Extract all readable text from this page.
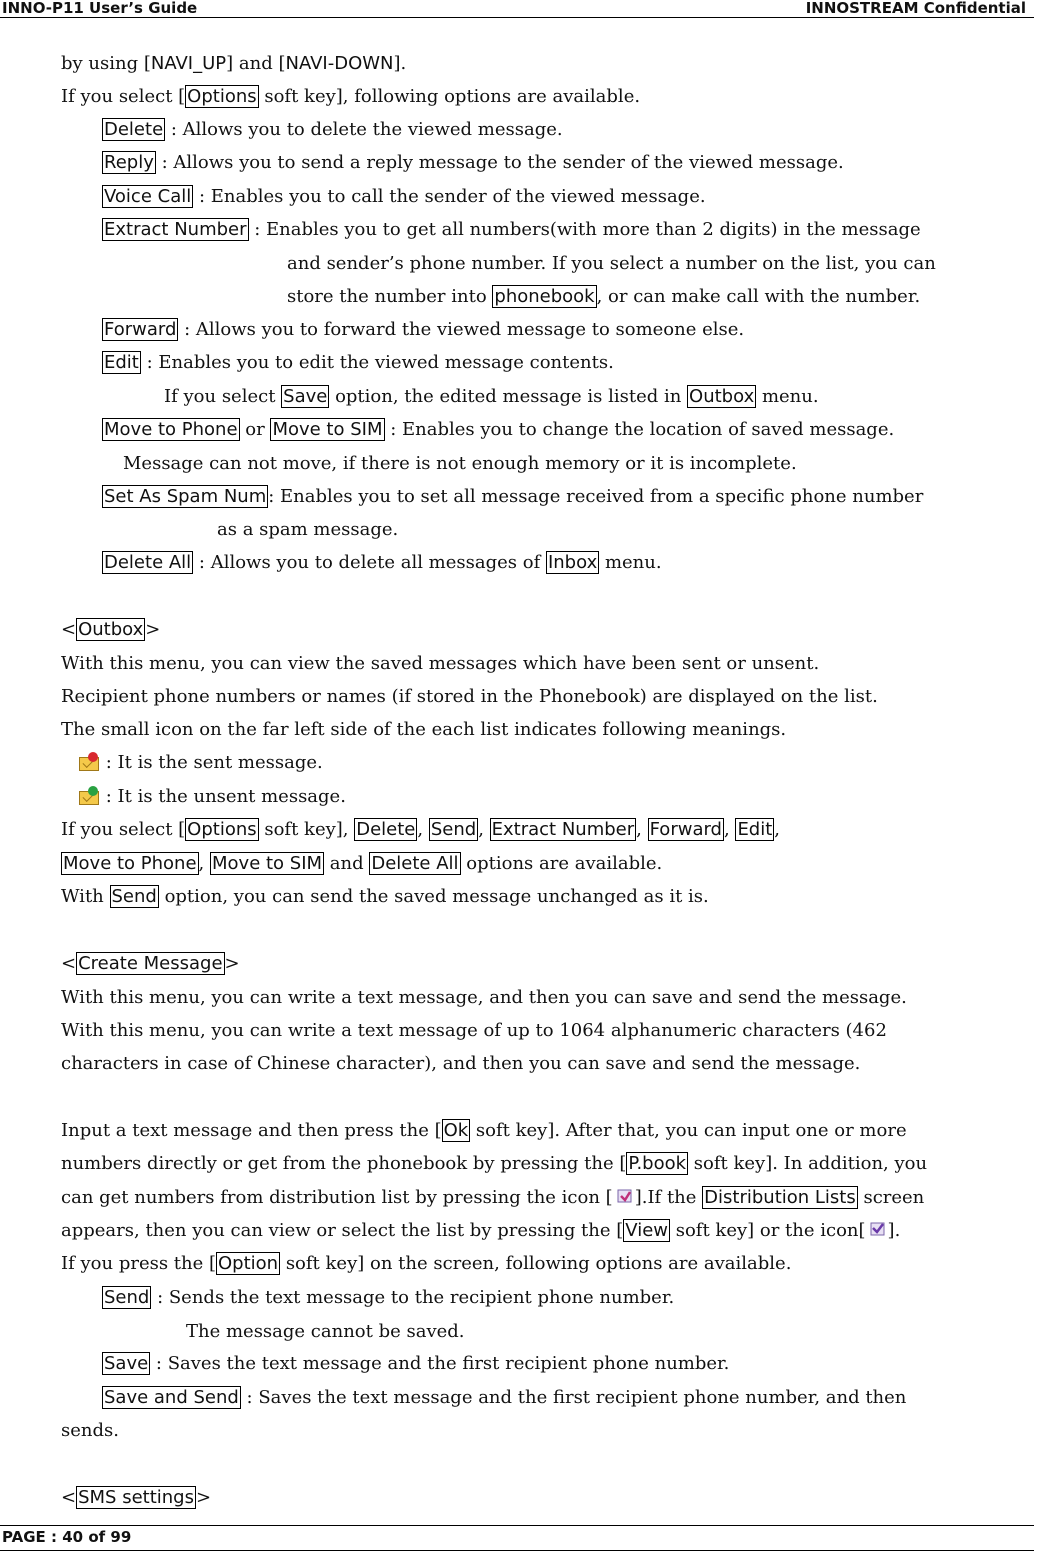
INNO-P11 User’s Guide	INNOSTREAM Confidential
by using [NAVI_UP] and [NAVI-DOWN].
If you select [ Options soft key], following options are available.
Delete : Allows you to delete the viewed message.
Reply : Allows you to send a reply message to the sender of the viewed message.
Voice Call : Enables you to call the sender of the viewed message.
Extract Number : Enables you to get all numbers(with more than 2 digits) in the message
and sender’s phone number. If you select a number on the list, you can
store the number into phonebook , or can make call with the number.
Forward : Allows you to forward the viewed message to someone else.
Edit : Enables you to edit the viewed message contents.
If you select Save option, the edited message is listed in Outbox menu.
Move to Phone or Move to SIM : Enables you to change the location of saved message.
Message can not move, if there is not enough memory or it is incomplete.
Set As Spam Num : Enables you to set all message received from a specific phone number
as a spam message.
Delete All : Allows you to delete all messages of Inbox menu.
< Outbox >
With this menu, you can view the saved messages which have been sent or unsent.
Recipient phone numbers or names (if stored in the Phonebook) are displayed on the list.
The small icon on the far left side of the each list indicates following meanings.
: It is the sent message.
: It is the unsent message.
If you select [ Options soft key], Delete , Send , Extract Number , Forward , Edit ,
Move to Phone , Move to SIM and Delete All options are available.
With Send option, you can send the saved message unchanged as it is.
< Create Message >
With this menu, you can write a text message, and then you can save and send the message.
With this menu, you can write a text message of up to 1064 alphanumeric characters (462
characters in case of Chinese character), and then you can save and send the message.
Input a text message and then press the [ Ok soft key]. After that, you can input one or more
numbers directly or get from the phonebook by pressing the [ P.book soft key]. In addition, you
can get numbers from distribution list by pressing the icon [ ].If the Distribution Lists screen
appears, then you can view or select the list by pressing the [ View soft key] or the icon[ ].
If you press the [ Option soft key] on the screen, following options are available.
Send : Sends the text message to the recipient phone number.
The message cannot be saved.
Save : Saves the text message and the first recipient phone number.
Save and Send : Saves the text message and the first recipient phone number, and then
sends.
< SMS settings >
PAGE : 40 of 99
